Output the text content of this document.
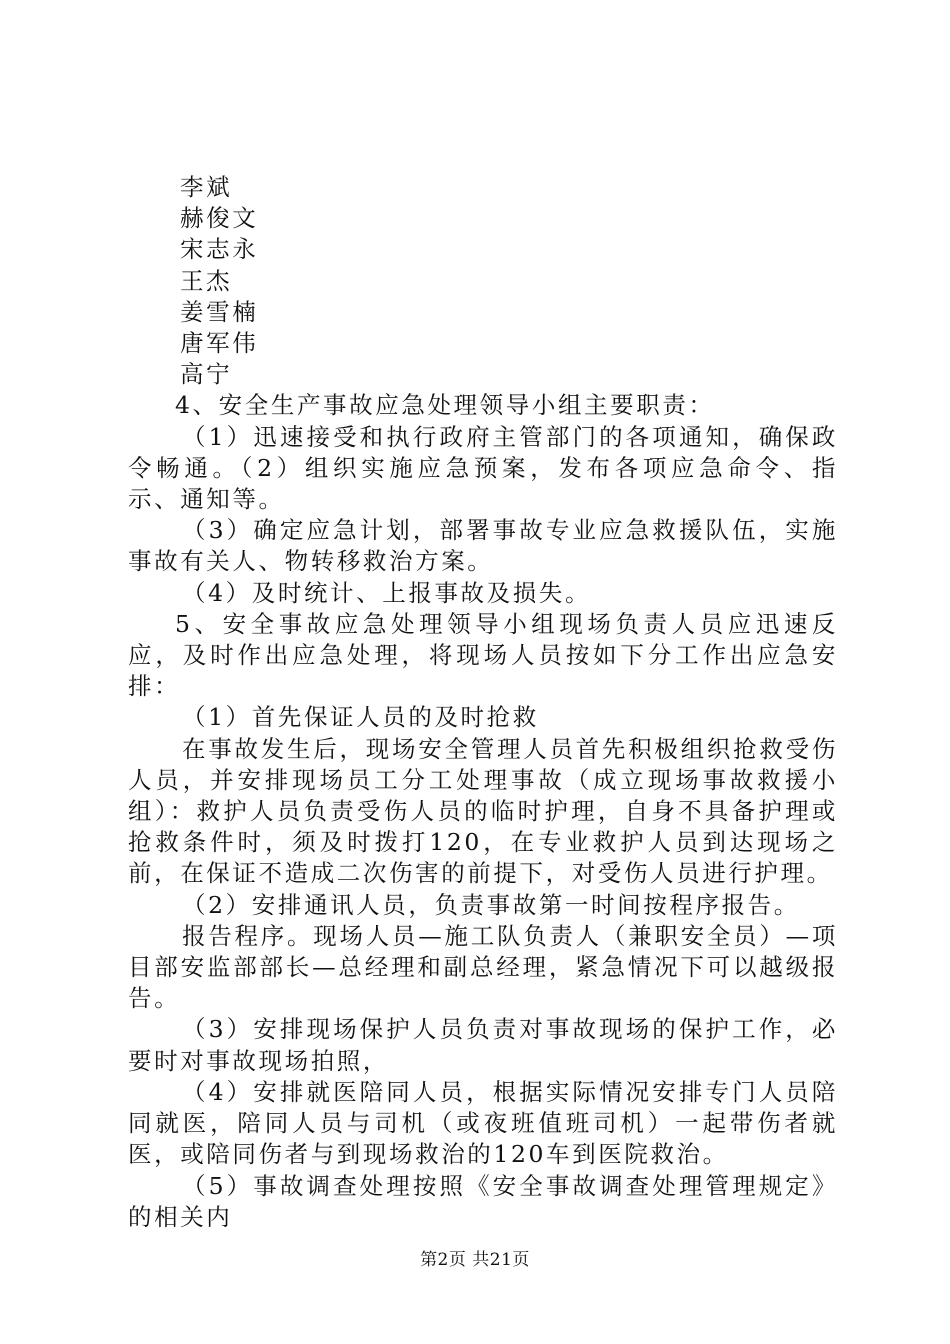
李斌

赫俊文

宋志永

王杰

姜雪楠

唐军伟

高宁

4、安全生产事故应急处理领导小组主要职责：

（1）迅速接受和执行政府主管部门的各项通知，确保政令畅通。（2）组织实施应急预案，发布各项应急命令、指示、通知等。

（3）确定应急计划，部署事故专业应急救援队伍，实施事故有关人、物转移救治方案。

（4）及时统计、上报事故及损失。

5、安全事故应急处理领导小组现场负责人员应迅速反应，及时作出应急处理，将现场人员按如下分工作出应急安排：

（1）首先保证人员的及时抢救

在事故发生后，现场安全管理人员首先积极组织抢救受伤人员，并安排现场员工分工处理事故（成立现场事故救援小组）：救护人员负责受伤人员的临时护理，自身不具备护理或抢救条件时，须及时拨打120，在专业救护人员到达现场之前，在保证不造成二次伤害的前提下，对受伤人员进行护理。

（2）安排通讯人员，负责事故第一时间按程序报告。

报告程序。现场人员—施工队负责人（兼职安全员）—项目部安监部部长—总经理和副总经理，紧急情况下可以越级报告。

（3）安排现场保护人员负责对事故现场的保护工作，必要时对事故现场拍照，

（4）安排就医陪同人员，根据实际情况安排专门人员陪同就医，陪同人员与司机（或夜班值班司机）一起带伤者就医，或陪同伤者与到现场救治的120车到医院救治。

（5）事故调查处理按照《安全事故调查处理管理规定》的相关内

第2页 共21页
